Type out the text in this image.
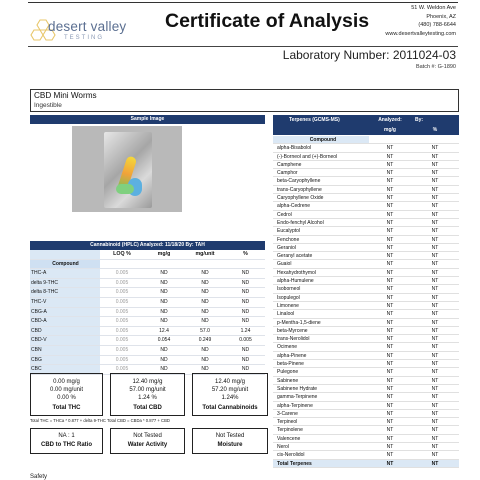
desert valley
TESTING
Certificate of Analysis
51 W. Weldon Ave
Phoenix, AZ
(480) 788-6644
www.desertvalleytesting.com
Laboratory Number: 2011024-03
Batch #: G-1890
CBD Mini Worms
Ingestible
Sample Image
Cannabinoid (HPLC) Analyzed: 11/18/20 By: TAH
LOQ %	mg/g	mg/unit	%
Compound
THC-A	0.005	ND	ND	ND
delta 9-THC	0.005	ND	ND	ND
delta 8-THC	0.005	ND	ND	ND
THC-V	0.005	ND	ND	ND
CBG-A	0.005	ND	ND	ND
CBD-A	0.005	ND	ND	ND
CBD	0.005	12.4	57.0	1.24
CBD-V	0.005	0.054	0.249	0.005
CBN	0.005	ND	ND	ND
CBG	0.005	ND	ND	ND
CBC	0.005	ND	ND	ND
0.00 mg/g
0.00 mg/unit
0.00 %
Total THC
12.40 mg/g
57.00 mg/unit
1.24 %
Total CBD
12.40 mg/g
57.20 mg/unit
1.24%
Total Cannabinoids
Total THC = THCa * 0.877 + delta 9-THC Total CBD = CBDa * 0.877 + CBD
NA : 1
CBD to THC Ratio
Not Tested
Water Activity
Not Tested
Moisture
Terpenes (GCMS-MS)	Analyzed:	By:
mg/g	%
Compound
alpha-Bisabolol	NT	NT
(-)-Borneol and (+)-Borneol	NT	NT
Camphene	NT	NT
Camphor	NT	NT
beta-Caryophyllene	NT	NT
trans-Caryophyllene	NT	NT
Caryophyllene Oxide	NT	NT
alpha-Cedrene	NT	NT
Cedrol	NT	NT
Endo-fenchyl Alcohol	NT	NT
Eucalyptol	NT	NT
Fenchone	NT	NT
Geraniol	NT	NT
Geranyl acetate	NT	NT
Guaiol	NT	NT
Hexahydrothymol	NT	NT
alpha-Humulene	NT	NT
Isoborneol	NT	NT
Isopulegol	NT	NT
Limonene	NT	NT
Linalool	NT	NT
p-Mentha-1,5-diene	NT	NT
beta-Myrcene	NT	NT
trans-Nerolidol	NT	NT
Ocimene	NT	NT
alpha-Pinene	NT	NT
beta-Pinene	NT	NT
Pulegone	NT	NT
Sabinene	NT	NT
Sabinene Hydrate	NT	NT
gamma-Terpinene	NT	NT
alpha-Terpinene	NT	NT
3-Carene	NT	NT
Terpineol	NT	NT
Terpinolene	NT	NT
Valencene	NT	NT
Nerol	NT	NT
cis-Nerolidol	NT	NT
Total Terpenes	NT	NT
Safety
